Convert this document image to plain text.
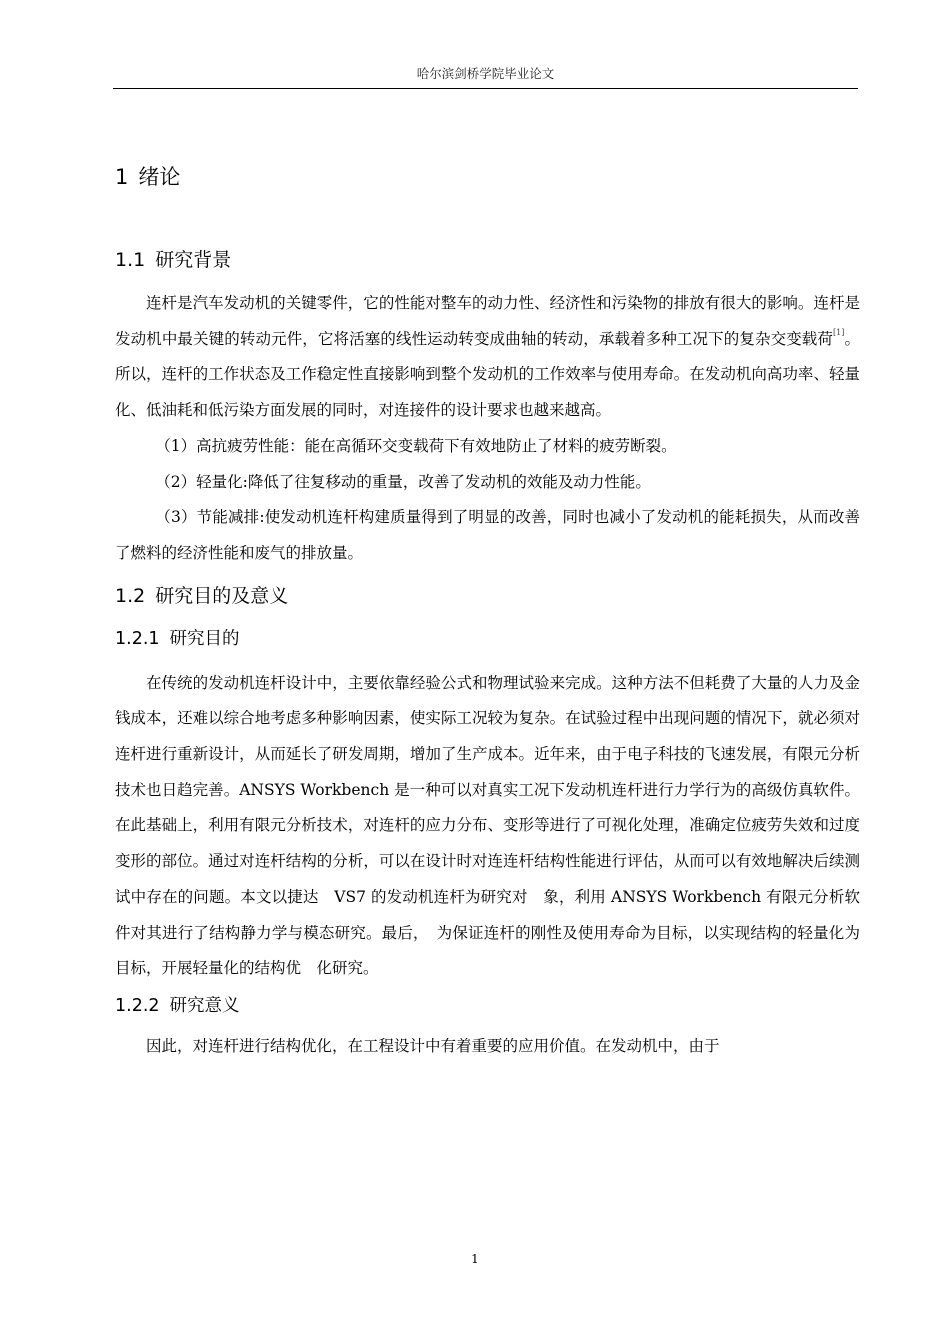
哈尔滨剑桥学院毕业论文
1 绪论
1.1 研究背景

连杆是汽车发动机的关键零件，它的性能对整车的动力性、经济性和污染物的排放有很大的影响。连杆是发动机中最关键的转动元件，它将活塞的线性运动转变成曲轴的转动，承载着多种工况下的复杂交变载荷[1]。所以，连杆的工作状态及工作稳定性直接影响到整个发动机的工作效率与使用寿命。在发动机向高功率、轻量化、低油耗和低污染方面发展的同时，对连接件的设计要求也越来越高。

（1）高抗疲劳性能：能在高循环交变载荷下有效地防止了材料的疲劳断裂。

（2）轻量化:降低了往复移动的重量，改善了发动机的效能及动力性能。

（3）节能减排:使发动机连杆构建质量得到了明显的改善，同时也减小了发动机的能耗损失，从而改善了燃料的经济性能和废气的排放量。

1.2 研究目的及意义
1.2.1 研究目的

在传统的发动机连杆设计中，主要依靠经验公式和物理试验来完成。这种方法不但耗费了大量的人力及金钱成本，还难以综合地考虑多种影响因素，使实际工况较为复杂。在试验过程中出现问题的情况下，就必须对连杆进行重新设计，从而延长了研发周期，增加了生产成本。近年来，由于电子科技的飞速发展，有限元分析技术也日趋完善。ANSYS Workbench 是一种可以对真实工况下发动机连杆进行力学行为的高级仿真软件。在此基础上，利用有限元分析技术，对连杆的应力分布、变形等进行了可视化处理，准确定位疲劳失效和过度变形的部位。通过对连杆结构的分析，可以在设计时对连连杆结构性能进行评估，从而可以有效地解决后续测试中存在的问题。本文以捷达　VS7 的发动机连杆为研究对　象，利用 ANSYS Workbench 有限元分析软件对其进行了结构静力学与模态研究。最后，　为保证连杆的刚性及使用寿命为目标，以实现结构的轻量化为目标，开展轻量化的结构优　化研究。

1.2.2 研究意义

因此，对连杆进行结构优化，在工程设计中有着重要的应用价值。在发动机中，由于

1
